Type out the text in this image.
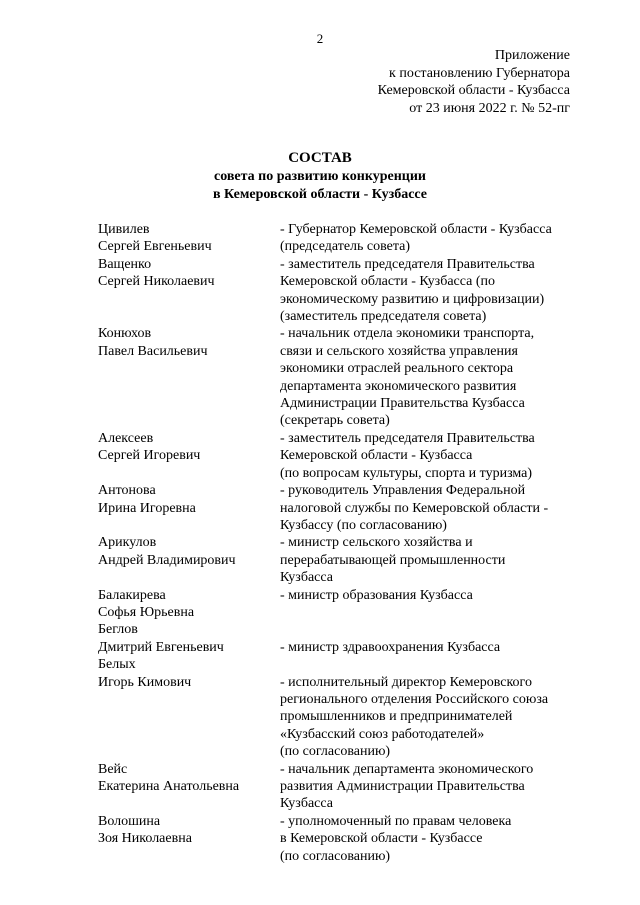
2
Приложение
к постановлению Губернатора
Кемеровской области - Кузбасса
от 23 июня 2022 г. № 52-пг
СОСТАВ
совета по развитию конкуренции
в Кемеровской области - Кузбассе
Цивилев
Сергей Евгеньевич
- Губернатор Кемеровской области - Кузбасса
(председатель совета)
Ващенко
Сергей Николаевич
- заместитель председателя Правительства
Кемеровской области - Кузбасса (по
экономическому развитию и цифровизации)
(заместитель председателя совета)
Конюхов
Павел Васильевич
- начальник отдела экономики транспорта,
связи и сельского хозяйства управления
экономики отраслей реального сектора
департамента экономического развития
Администрации Правительства Кузбасса
(секретарь совета)
Алексеев
Сергей Игоревич
- заместитель председателя Правительства
Кемеровской области - Кузбасса
(по вопросам культуры, спорта и туризма)
Антонова
Ирина Игоревна
- руководитель Управления Федеральной
налоговой службы по Кемеровской области -
Кузбассу (по согласованию)
Арикулов
Андрей Владимирович
- министр сельского хозяйства и
перерабатывающей промышленности
Кузбасса
Балакирева
Софья Юрьевна
- министр образования Кузбасса
Беглов
Дмитрий Евгеньевич
	- министр здравоохранения Кузбасса
Белых
Игорь Кимович
	- исполнительный директор Кемеровского
регионального отделения Российского союза
промышленников и предпринимателей
«Кузбасский союз работодателей»
(по согласованию)
Вейс
Екатерина Анатольевна
- начальник департамента экономического
развития Администрации Правительства
Кузбасса
Волошина
Зоя Николаевна
- уполномоченный по правам человека
в Кемеровской области - Кузбассе
(по согласованию)
